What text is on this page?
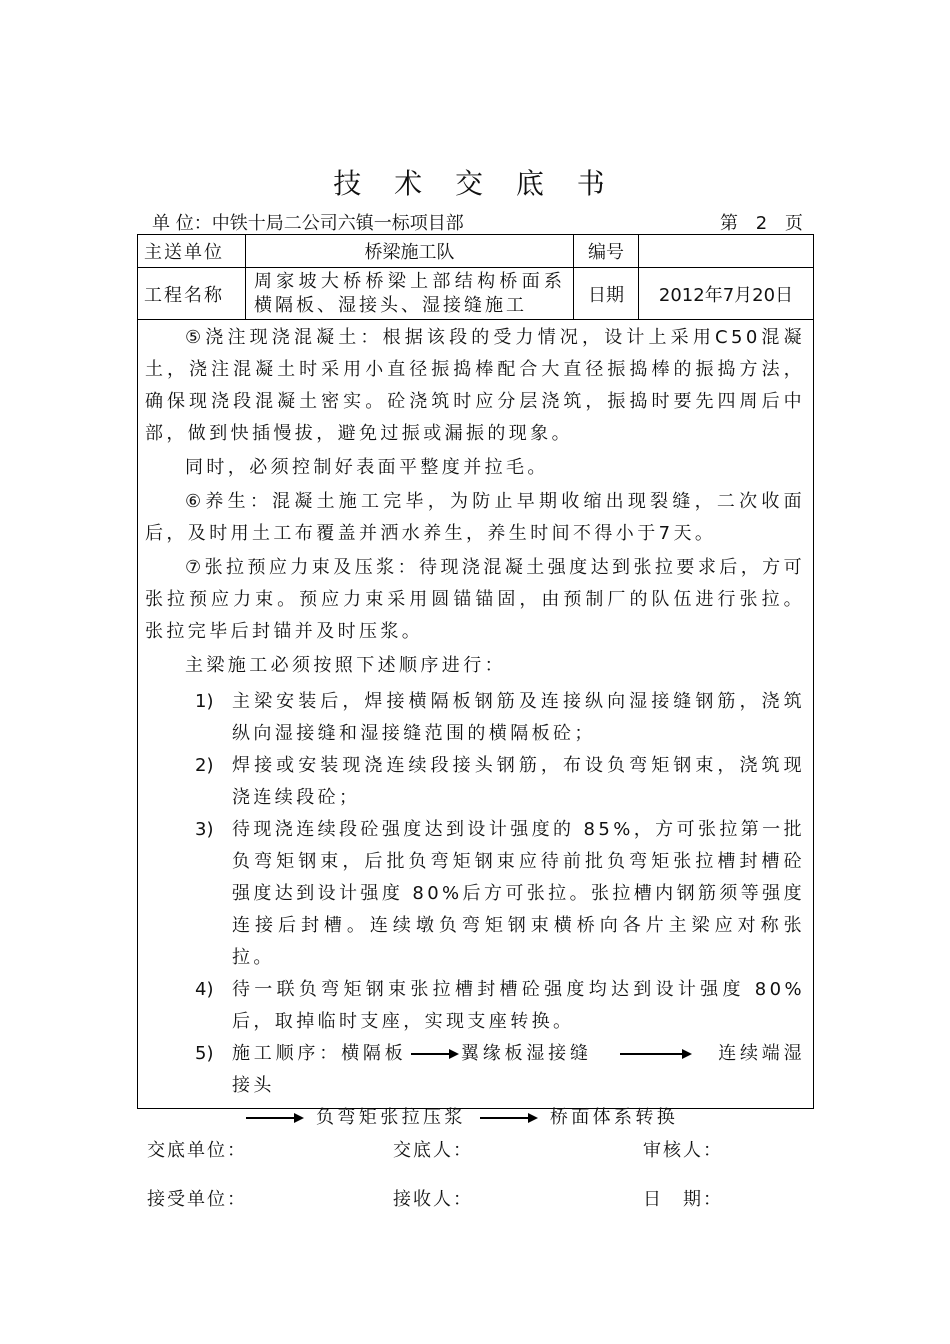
技 术 交 底 书
单 位：中铁十局二公司六镇一标项目部	第 2 页
主送单位	桥梁施工队	编号	
工程名称	周家坡大桥桥梁上部结构桥面系横隔板、湿接头、湿接缝施工	日期	2012年7月20日

⑤浇注现浇混凝土：根据该段的受力情况，设计上采用C50混凝土，浇注混凝土时采用小直径振捣棒配合大直径振捣棒的振捣方法，确保现浇段混凝土密实。砼浇筑时应分层浇筑，振捣时要先四周后中部，做到快插慢拔，避免过振或漏振的现象。

同时，必须控制好表面平整度并拉毛。

⑥养生：混凝土施工完毕，为防止早期收缩出现裂缝，二次收面后，及时用土工布覆盖并洒水养生，养生时间不得小于7天。

⑦张拉预应力束及压浆：待现浇混凝土强度达到张拉要求后，方可张拉预应力束。预应力束采用圆锚锚固，由预制厂的队伍进行张拉。张拉完毕后封锚并及时压浆。

主梁施工必须按照下述顺序进行：

1) 主梁安装后，焊接横隔板钢筋及连接纵向湿接缝钢筋，浇筑纵向湿接缝和湿接缝范围的横隔板砼；
2) 焊接或安装现浇连续段接头钢筋，布设负弯矩钢束，浇筑现浇连续段砼；
3) 待现浇连续段砼强度达到设计强度的 85%，方可张拉第一批负弯矩钢束，后批负弯矩钢束应待前批负弯矩张拉槽封槽砼强度达到设计强度 80%后方可张拉。张拉槽内钢筋须等强度连接后封槽。连续墩负弯矩钢束横桥向各片主梁应对称张拉。
4) 待一联负弯矩钢束张拉槽封槽砼强度均达到设计强度 80%后，取掉临时支座，实现支座转换。
5) 施工顺序：横隔板	翼缘板湿接缝	连续端湿接头
负弯矩张拉压浆	桥面体系转换
交底单位：	交底人：	审核人：
接受单位：	接收人：	日　期：
